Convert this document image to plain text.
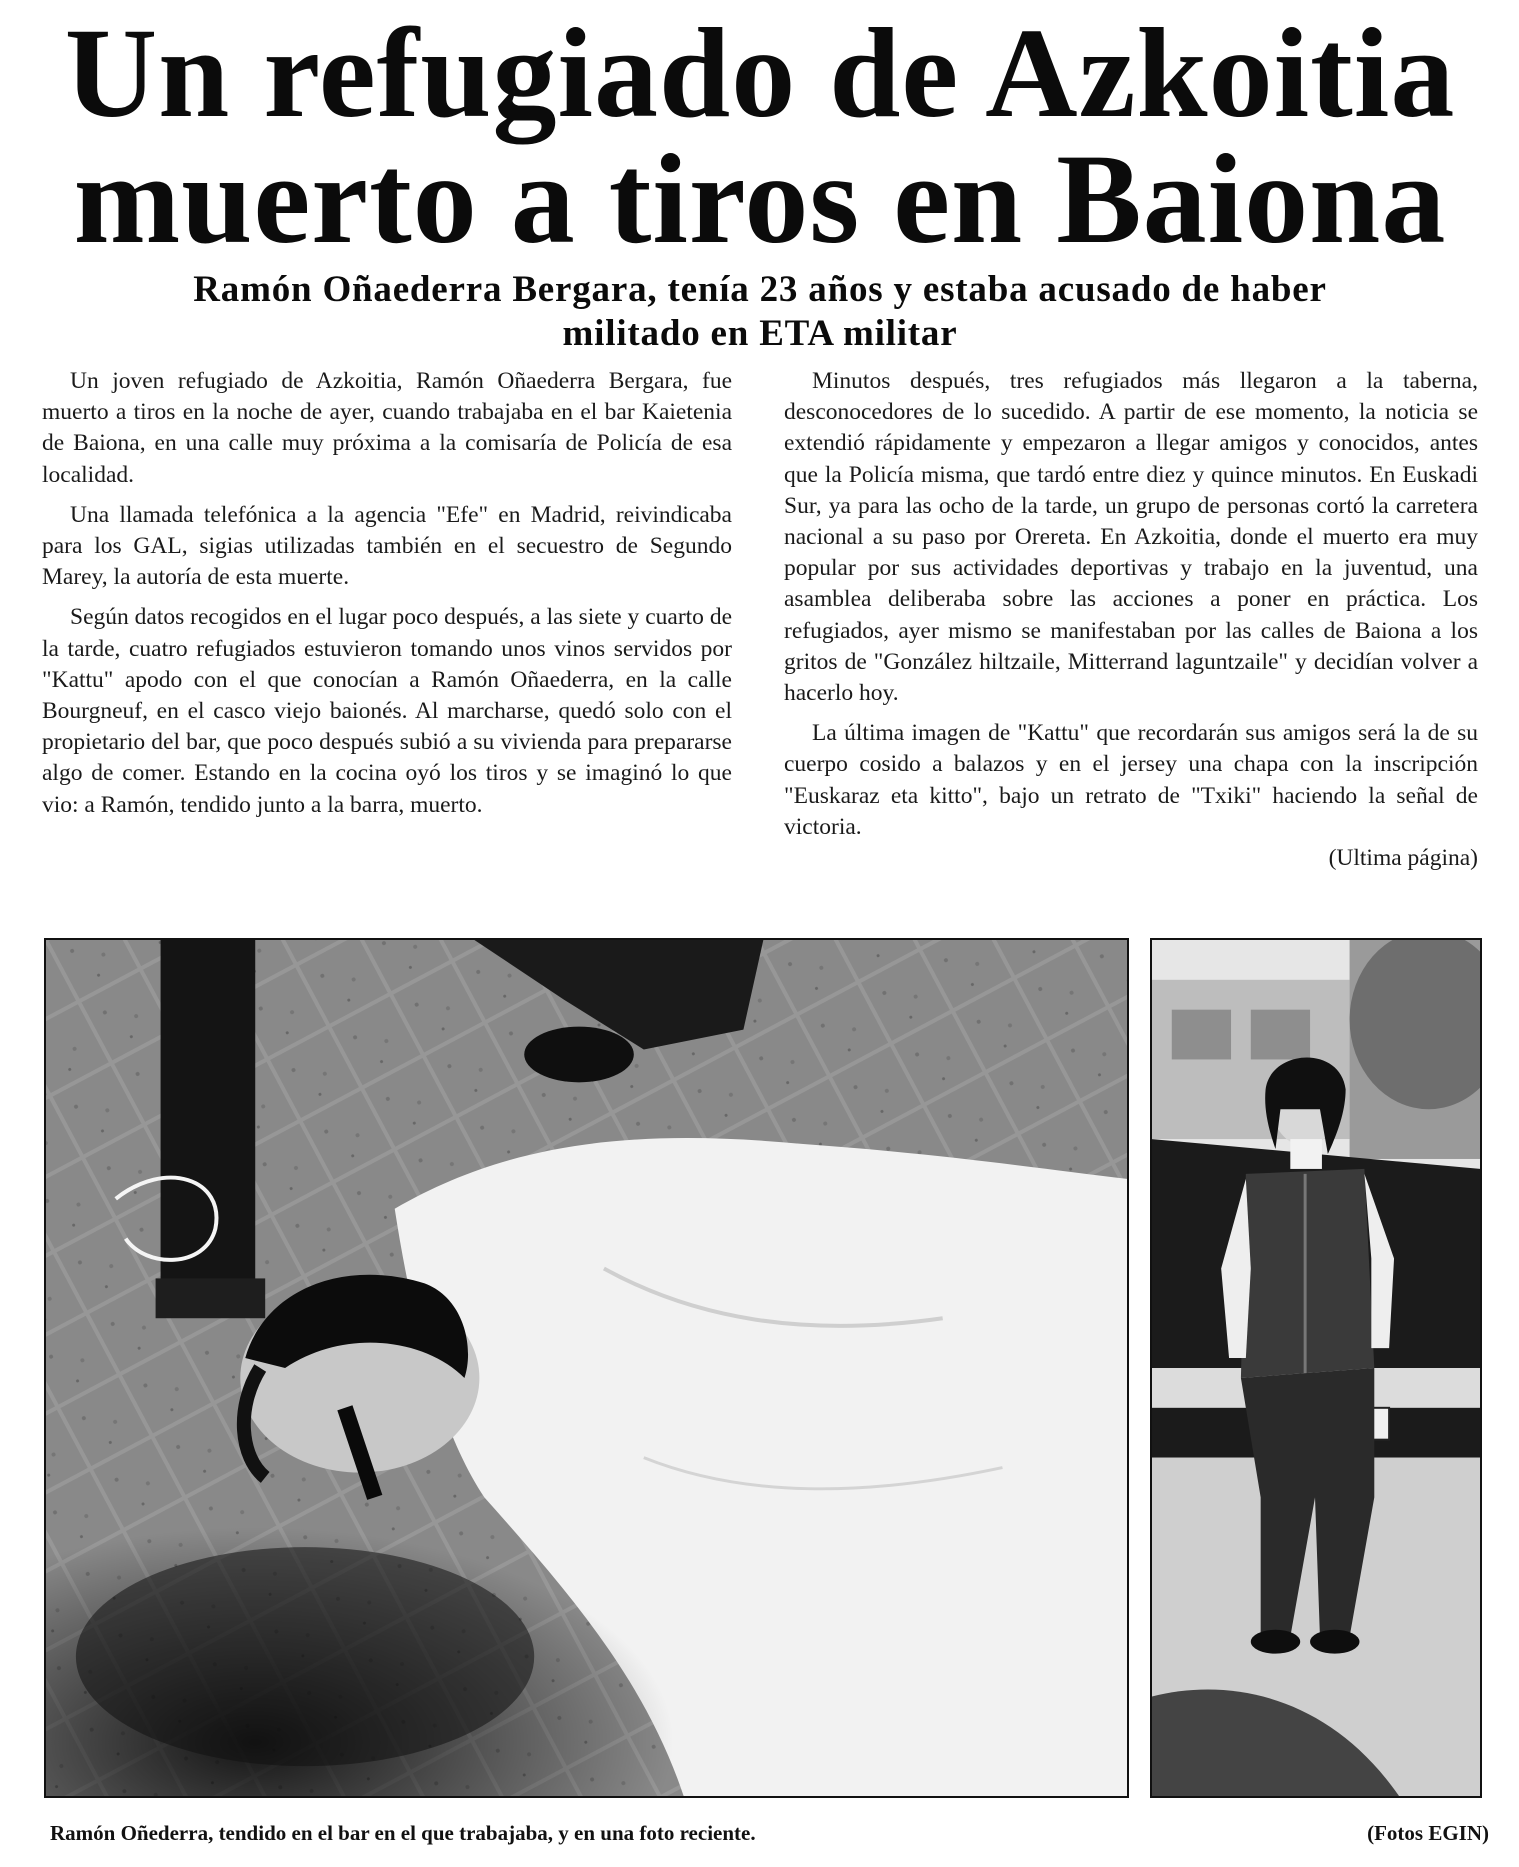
Un refugiado de Azkoitia
muerto a tiros en Baiona
Ramón Oñaederra Bergara, tenía 23 años y estaba acusado de haber
militado en ETA militar

Un joven refugiado de Azkoitia, Ramón Oñaederra Bergara, fue muerto a tiros en la noche de ayer, cuando trabajaba en el bar Kaietenia de Baiona, en una calle muy próxima a la comisaría de Policía de esa localidad.

Una llamada telefónica a la agencia "Efe" en Madrid, reivindicaba para los GAL, sigias utilizadas también en el secuestro de Segundo Marey, la autoría de esta muerte.

Según datos recogidos en el lugar poco después, a las siete y cuarto de la tarde, cuatro refugiados estuvieron tomando unos vinos servidos por "Kattu" apodo con el que conocían a Ramón Oñaederra, en la calle Bourgneuf, en el casco viejo baionés. Al marcharse, quedó solo con el propietario del bar, que poco después subió a su vivienda para prepararse algo de comer. Estando en la cocina oyó los tiros y se imaginó lo que vio: a Ramón, tendido junto a la barra, muerto.

Minutos después, tres refugiados más llegaron a la taberna, desconocedores de lo sucedido. A partir de ese momento, la noticia se extendió rápidamente y empezaron a llegar amigos y conocidos, antes que la Policía misma, que tardó entre diez y quince minutos. En Euskadi Sur, ya para las ocho de la tarde, un grupo de personas cortó la carretera nacional a su paso por Orereta. En Azkoitia, donde el muerto era muy popular por sus actividades deportivas y trabajo en la juventud, una asamblea deliberaba sobre las acciones a poner en práctica. Los refugiados, ayer mismo se manifestaban por las calles de Baiona a los gritos de "González hiltzaile, Mitterrand laguntzaile" y decidían volver a hacerlo hoy.

La última imagen de "Kattu" que recordarán sus amigos será la de su cuerpo cosido a balazos y en el jersey una chapa con la inscripción "Euskaraz eta kitto", bajo un retrato de "Txiki" haciendo la señal de victoria.

(Ultima página)

Ramón Oñederra, tendido en el bar en el que trabajaba, y en una foto reciente.	(Fotos EGIN)
